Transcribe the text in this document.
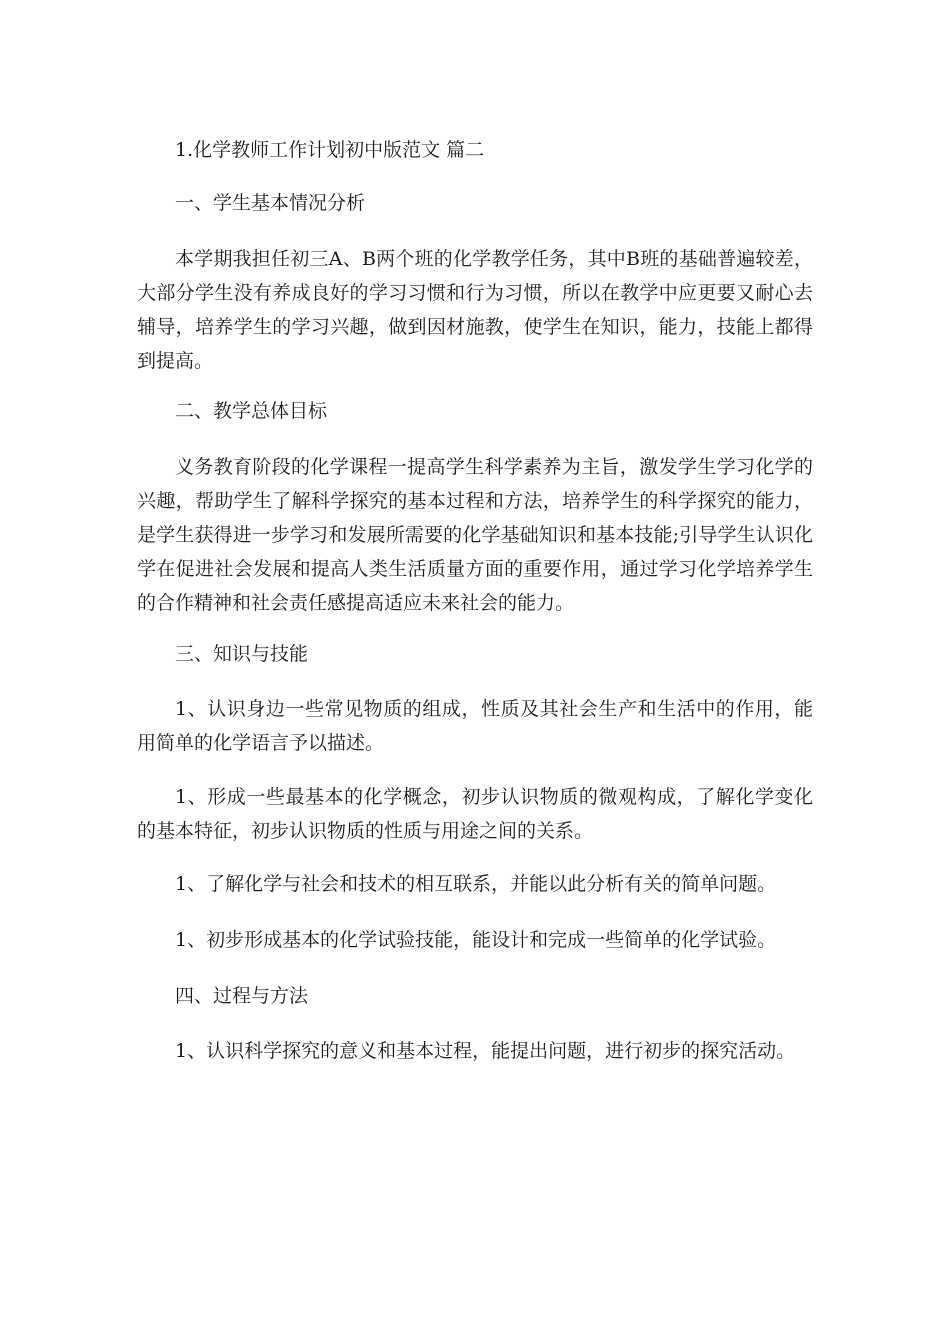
1.化学教师工作计划初中版范文 篇二
一、学生基本情况分析
本学期我担任初三A、B两个班的化学教学任务，其中B班的基础普遍较差，大部分学生没有养成良好的学习习惯和行为习惯，所以在教学中应更要又耐心去辅导，培养学生的学习兴趣，做到因材施教，使学生在知识，能力，技能上都得到提高。
二、教学总体目标
义务教育阶段的化学课程一提高学生科学素养为主旨，激发学生学习化学的兴趣，帮助学生了解科学探究的基本过程和方法，培养学生的科学探究的能力，是学生获得进一步学习和发展所需要的化学基础知识和基本技能;引导学生认识化学在促进社会发展和提高人类生活质量方面的重要作用，通过学习化学培养学生的合作精神和社会责任感提高适应未来社会的能力。
三、知识与技能
1、认识身边一些常见物质的组成，性质及其社会生产和生活中的作用，能用简单的化学语言予以描述。
1、形成一些最基本的化学概念，初步认识物质的微观构成，了解化学变化的基本特征，初步认识物质的性质与用途之间的关系。
1、了解化学与社会和技术的相互联系，并能以此分析有关的简单问题。
1、初步形成基本的化学试验技能，能设计和完成一些简单的化学试验。
四、过程与方法
1、认识科学探究的意义和基本过程，能提出问题，进行初步的探究活动。
